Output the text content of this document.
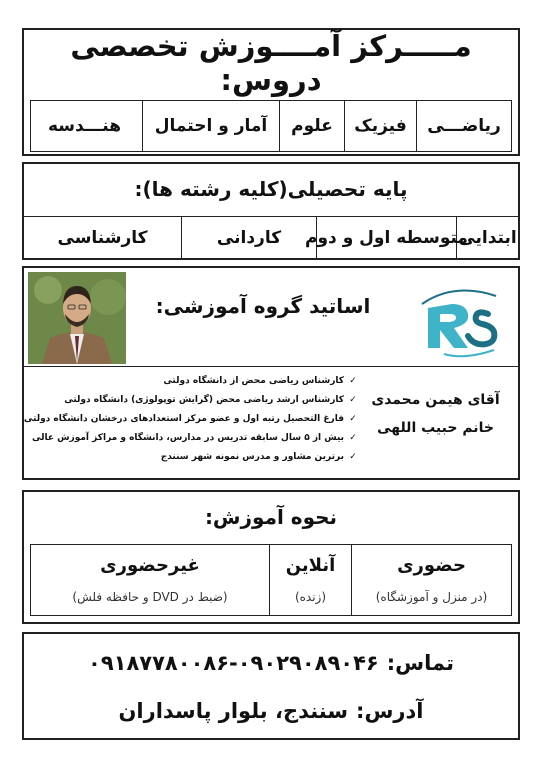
مـــــرکز آمــــوزش تخصصی دروس:
ریاضـــی
فیزیک
علوم
آمار و احتمال
هنـــدسه
پایه تحصیلی(کلیه رشته ها):
ابتدایی
متوسطه اول و دوم
کاردانی
کارشناسی
اساتید گروه آموزشی:
آقای هیمن محمدی
خانم حبیب اللهی
✓کارشناس ریاضی محض از دانشگاه دولتی
✓کارشناس ارشد ریاضی محض (گرایش توپولوژی) دانشگاه دولتی
✓فارغ التحصیل رتبه اول و عضو مرکز استعدادهای درخشان دانشگاه دولتی
✓بیش از ۵ سال سابقه تدریس در مدارس، دانشگاه و مراکز آموزش عالی
✓برترین مشاور و مدرس نمونه شهر سنندج
نحوه آموزش:
حضوری
(در منزل و آموزشگاه)
آنلاین
(زنده)
غیرحضوری
(ضبط در DVD و حافظه فلش)
تماس:
۰۹۱۸۷۷۸۰۰۸۶-۰۹۰۲۹۰۸۹۰۴۶
آدرس:
سنندج، بلوار پاسداران
